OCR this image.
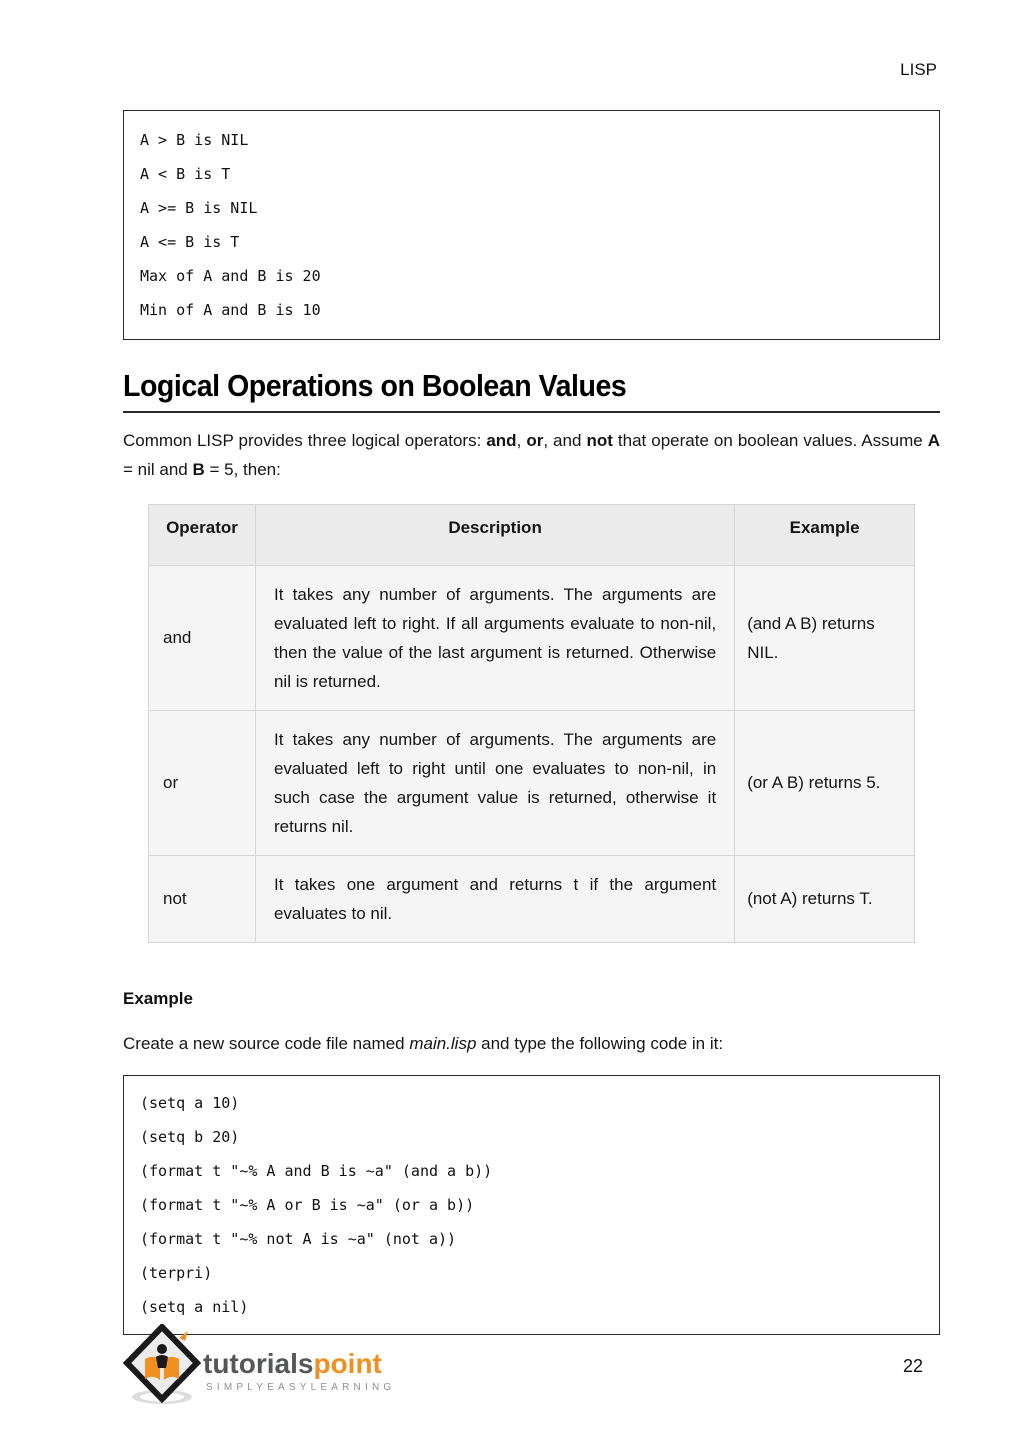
LISP
A > B is NIL
A < B is T
A >= B is NIL
A <= B is T
Max of A and B is 20
Min of A and B is 10
Logical Operations on Boolean Values

Common LISP provides three logical operators: and, or, and not that operate on boolean values. Assume A = nil and B = 5, then:

Operator	Description	Example
and	It takes any number of arguments. The arguments are evaluated left to right. If all arguments evaluate to non-nil, then the value of the last argument is returned. Otherwise nil is returned.	(and A B) returns NIL.
or	It takes any number of arguments. The arguments are evaluated left to right until one evaluates to non-nil, in such case the argument value is returned, otherwise it returns nil.	(or A B) returns 5.
not	It takes one argument and returns t if the argument evaluates to nil.	(not A) returns T.
Example

Create a new source code file named main.lisp and type the following code in it:

(setq a 10)
(setq b 20)
(format t "~% A and B is ~a" (and a b))
(format t "~% A or B is ~a" (or a b))
(format t "~% not A is ~a" (not a))
(terpri)
(setq a nil)
tutorialspoint
SIMPLYEASYLEARNING
22
